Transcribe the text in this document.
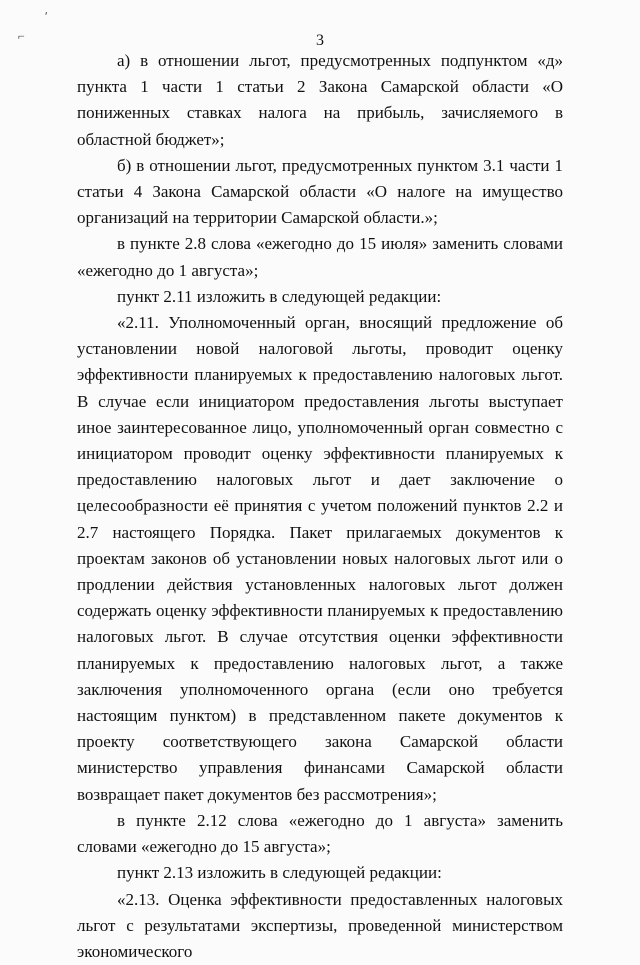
ʹ
⌐	3

а) в отношении льгот, предусмотренных подпунктом «д» пункта 1 части 1 статьи 2 Закона Самарской области «О пониженных ставках налога на прибыль, зачисляемого в областной бюджет»;

б) в отношении льгот, предусмотренных пунктом 3.1 части 1 статьи 4 Закона Самарской области «О налоге на имущество организаций на территории Самарской области.»;

в пункте 2.8 слова «ежегодно до 15 июля» заменить словами «ежегодно до 1 августа»;

пункт 2.11 изложить в следующей редакции:

«2.11. Уполномоченный орган, вносящий предложение об установлении новой налоговой льготы, проводит оценку эффективности планируемых к предоставлению налоговых льгот. В случае если инициатором предоставления льготы выступает иное заинтересованное лицо, уполномоченный орган совместно с инициатором проводит оценку эффективности планируемых к предоставлению налоговых льгот и дает заключение о целесообразности её принятия с учетом положений пунктов 2.2 и 2.7 настоящего Порядка. Пакет прилагаемых документов к проектам законов об установлении новых налоговых льгот или о продлении действия установленных налоговых льгот должен содержать оценку эффективности планируемых к предоставлению налоговых льгот. В случае отсутствия оценки эффективности планируемых к предоставлению налоговых льгот, а также заключения уполномоченного органа (если оно требуется настоящим пунктом) в представленном пакете документов к проекту соответствующего закона Самарской области министерство управления финансами Самарской области возвращает пакет документов без рассмотрения»;

в пункте 2.12 слова «ежегодно до 1 августа» заменить словами «ежегодно до 15 августа»;

пункт 2.13 изложить в следующей редакции:

«2.13. Оценка эффективности предоставленных налоговых льгот с результатами экспертизы, проведенной министерством экономического
